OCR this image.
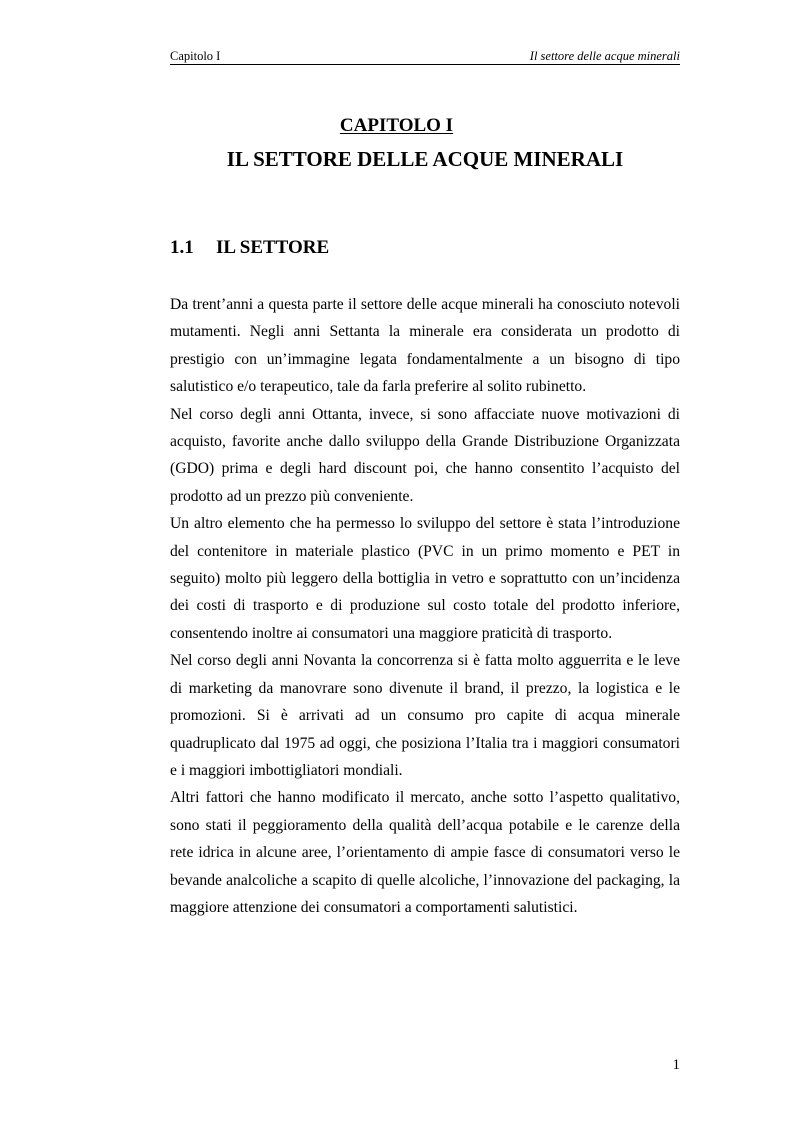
Capitolo I	Il settore delle acque minerali
CAPITOLO I
IL SETTORE DELLE ACQUE MINERALI
1.1 IL SETTORE

Da trent’anni a questa parte il settore delle acque minerali ha conosciuto notevoli mutamenti. Negli anni Settanta la minerale era considerata un prodotto di prestigio con un’immagine legata fondamentalmente a un bisogno di tipo salutistico e/o terapeutico, tale da farla preferire al solito rubinetto.

Nel corso degli anni Ottanta, invece, si sono affacciate nuove motivazioni di acquisto, favorite anche dallo sviluppo della Grande Distribuzione Organizzata (GDO) prima e degli hard discount poi, che hanno consentito l’acquisto del prodotto ad un prezzo più conveniente.

Un altro elemento che ha permesso lo sviluppo del settore è stata l’introduzione del contenitore in materiale plastico (PVC in un primo momento e PET in seguito) molto più leggero della bottiglia in vetro e soprattutto con un’incidenza dei costi di trasporto e di produzione sul costo totale del prodotto inferiore, consentendo inoltre ai consumatori una maggiore praticità di trasporto.

Nel corso degli anni Novanta la concorrenza si è fatta molto agguerrita e le leve di marketing da manovrare sono divenute il brand, il prezzo, la logistica e le promozioni. Si è arrivati ad un consumo pro capite di acqua minerale quadruplicato dal 1975 ad oggi, che posiziona l’Italia tra i maggiori consumatori e i maggiori imbottigliatori mondiali.

Altri fattori che hanno modificato il mercato, anche sotto l’aspetto qualitativo, sono stati il peggioramento della qualità dell’acqua potabile e le carenze della rete idrica in alcune aree, l’orientamento di ampie fasce di consumatori verso le bevande analcoliche a scapito di quelle alcoliche, l’innovazione del packaging, la maggiore attenzione dei consumatori a comportamenti salutistici.

1
